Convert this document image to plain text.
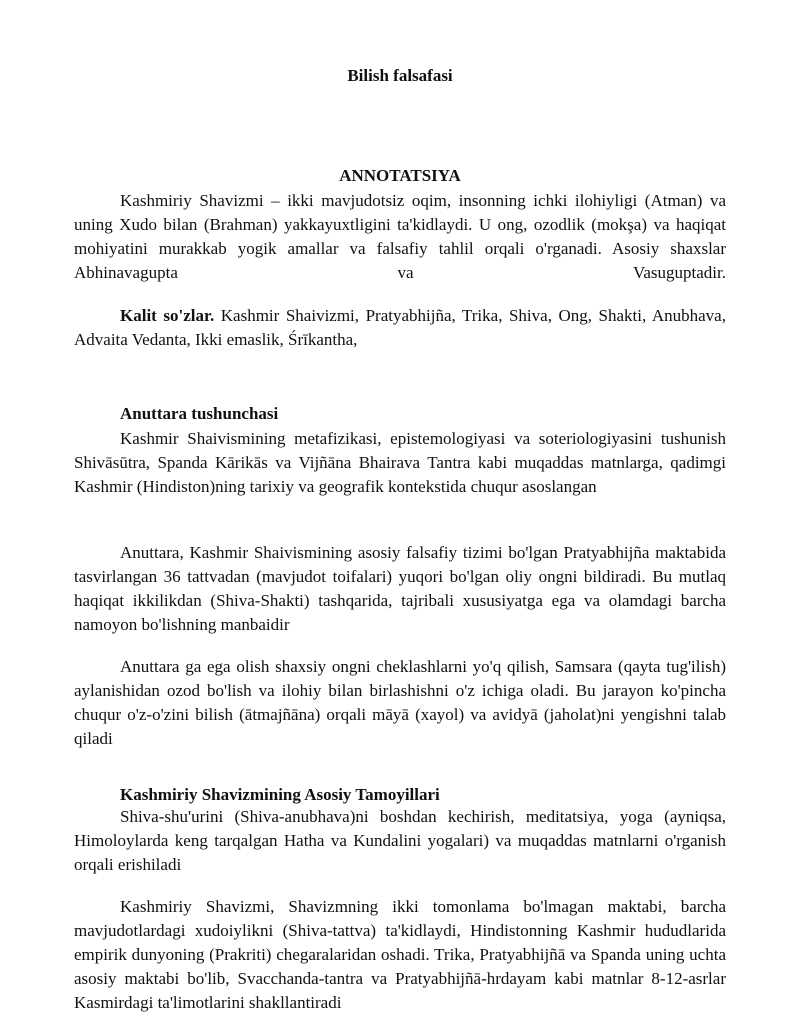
Bilish falsafasi
ANNOTATSIYA

Kashmiriy Shavizmi – ikki mavjudotsiz oqim, insonning ichki ilohiyligi (Atman) va uning Xudo bilan (Brahman) yakkayuxtligini ta'kidlaydi. U ong, ozodlik (mokşa) va haqiqat mohiyatini murakkab yogik amallar va falsafiy tahlil orqali o'rganadi. Asosiy shaxslar Abhinavagupta va Vasuguptadir.

Kalit so'zlar. Kashmir Shaivizmi, Pratyabhijña, Trika, Shiva, Ong, Shakti, Anubhava, Advaita Vedanta, Ikki emaslik, Śrīkantha,

Anuttara tushunchasi

Kashmir Shaivismining metafizikasi, epistemologiyasi va soteriologiyasini tushunish Shivāsūtra, Spanda Kārikās va Vijñāna Bhairava Tantra kabi muqaddas matnlarga, qadimgi Kashmir (Hindiston)ning tarixiy va geografik kontekstida chuqur asoslangan

Anuttara, Kashmir Shaivismining asosiy falsafiy tizimi bo'lgan Pratyabhijña maktabida tasvirlangan 36 tattvadan (mavjudot toifalari) yuqori bo'lgan oliy ongni bildiradi. Bu mutlaq haqiqat ikkilikdan (Shiva-Shakti) tashqarida, tajribali xususiyatga ega va olamdagi barcha namoyon bo'lishning manbaidir

Anuttara ga ega olish shaxsiy ongni cheklashlarni yo'q qilish, Samsara (qayta tug'ilish) aylanishidan ozod bo'lish va ilohiy bilan birlashishni o'z ichiga oladi. Bu jarayon ko'pincha chuqur o'z-o'zini bilish (ātmajñāna) orqali māyā (xayol) va avidyā (jaholat)ni yengishni talab qiladi

Kashmiriy Shavizmining Asosiy Tamoyillari

Shiva-shu'urini (Shiva-anubhava)ni boshdan kechirish, meditatsiya, yoga (ayniqsa, Himoloylarda keng tarqalgan Hatha va Kundalini yogalari) va muqaddas matnlarni o'rganish orqali erishiladi

Kashmiriy Shavizmi, Shavizmning ikki tomonlama bo'lmagan maktabi, barcha mavjudotlardagi xudoiylikni (Shiva-tattva) ta'kidlaydi, Hindistonning Kashmir hududlarida empirik dunyoning (Prakriti) chegaralaridan oshadi. Trika, Pratyabhijñā va Spanda uning uchta asosiy maktabi bo'lib, Svacchanda-tantra va Pratyabhijñā-hrdayam kabi matnlar 8-12-asrlar Kasmirdagi ta'limotlarini shakllantiradi
